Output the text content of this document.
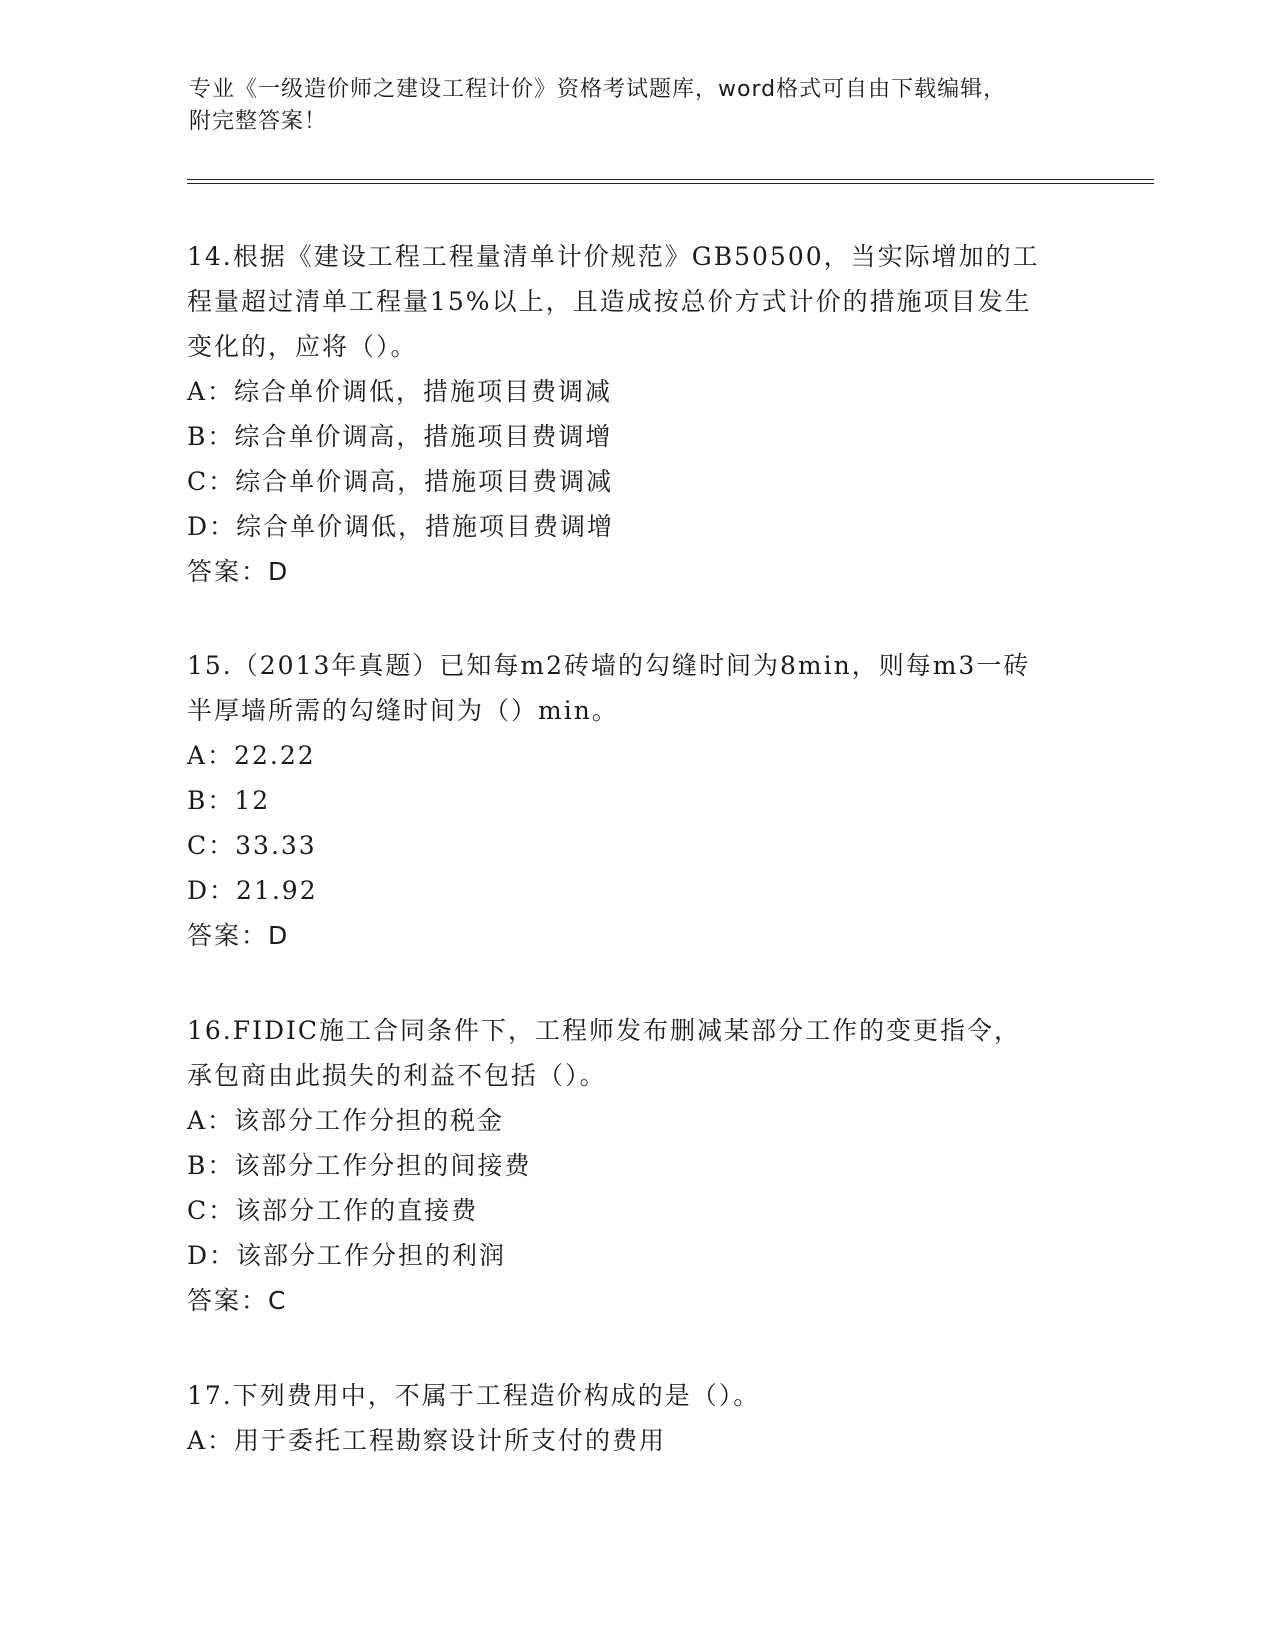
专业《一级造价师之建设工程计价》资格考试题库，word格式可自由下载编辑，
附完整答案！
14.根据《建设工程工程量清单计价规范》GB50500，当实际增加的工
程量超过清单工程量15%以上，且造成按总价方式计价的措施项目发生
变化的，应将（）。
A：综合单价调低，措施项目费调减
B：综合单价调高，措施项目费调增
C：综合单价调高，措施项目费调减
D：综合单价调低，措施项目费调增
答案：D
15.（2013年真题）已知每m2砖墙的勾缝时间为8min，则每m3一砖
半厚墙所需的勾缝时间为（）min。
A：22.22
B：12
C：33.33
D：21.92
答案：D
16.FIDIC施工合同条件下，工程师发布删减某部分工作的变更指令，
承包商由此损失的利益不包括（）。
A：该部分工作分担的税金
B：该部分工作分担的间接费
C：该部分工作的直接费
D：该部分工作分担的利润
答案：C
17.下列费用中，不属于工程造价构成的是（）。
A：用于委托工程勘察设计所支付的费用
